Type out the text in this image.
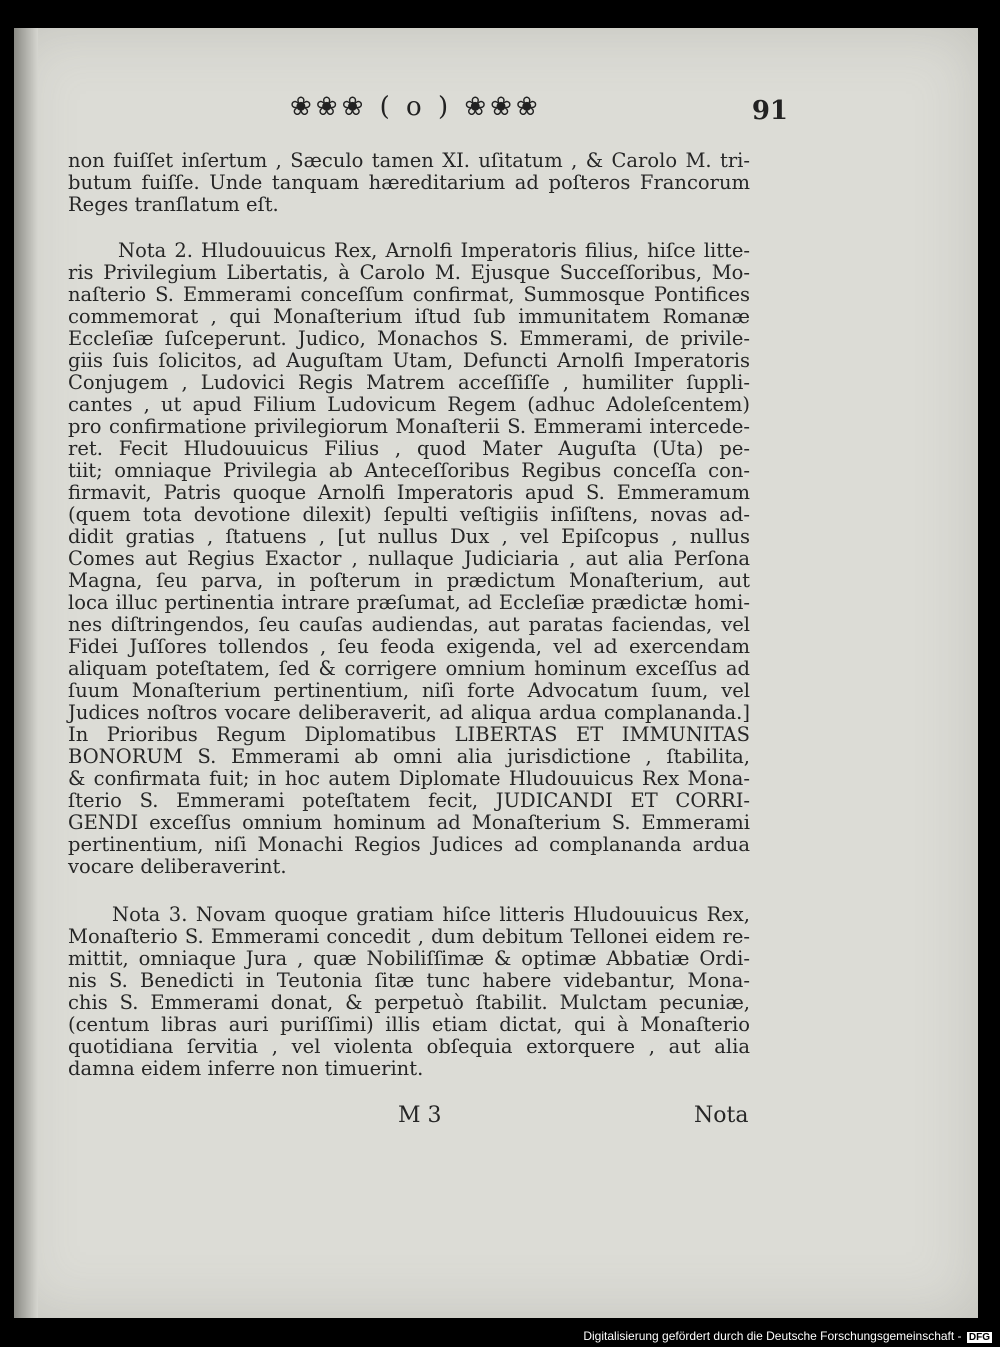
❀❀❀ ( o ) ❀❀❀	91
non fuiſſet inſertum , Sæculo tamen XI. uſitatum , & Carolo M. tri-
butum fuiſſe. Unde tanquam hæreditarium ad poſteros Francorum
Reges tranſlatum eſt.
Nota 2. Hludouuicus Rex, Arnolfi Imperatoris filius, hiſce litte-
ris Privilegium Libertatis, à Carolo M. Ejusque Succeſſoribus, Mo-
naſterio S. Emmerami conceſſum confirmat, Summosque Pontifices
commemorat , qui Monaſterium iſtud ſub immunitatem Romanæ
Eccleſiæ ſuſceperunt. Judico, Monachos S. Emmerami, de privile-
giis ſuis ſolicitos, ad Auguſtam Utam, Defuncti Arnolfi Imperatoris
Conjugem , Ludovici Regis Matrem acceſſiſſe , humiliter ſuppli-
cantes , ut apud Filium Ludovicum Regem (adhuc Adoleſcentem)
pro confirmatione privilegiorum Monaſterii S. Emmerami intercede-
ret. Fecit Hludouuicus Filius , quod Mater Auguſta (Uta) pe-
tiit; omniaque Privilegia ab Anteceſſoribus Regibus conceſſa con-
firmavit, Patris quoque Arnolfi Imperatoris apud S. Emmeramum
(quem tota devotione dilexit) ſepulti veſtigiis inſiſtens, novas ad-
didit gratias , ſtatuens , [ut nullus Dux , vel Epiſcopus , nullus
Comes aut Regius Exactor , nullaque Judiciaria , aut alia Perſona
Magna, ſeu parva, in poſterum in prædictum Monaſterium, aut
loca illuc pertinentia intrare præſumat, ad Eccleſiæ prædictæ homi-
nes diſtringendos, ſeu cauſas audiendas, aut paratas faciendas, vel
Fidei Juſſores tollendos , ſeu feoda exigenda, vel ad exercendam
aliquam poteſtatem, ſed & corrigere omnium hominum exceſſus ad
ſuum Monaſterium pertinentium, niſi forte Advocatum ſuum, vel
Judices noſtros vocare deliberaverit, ad aliqua ardua complananda.]
In Prioribus Regum Diplomatibus LIBERTAS ET IMMUNITAS
BONORUM S. Emmerami ab omni alia jurisdictione , ſtabilita,
& confirmata fuit; in hoc autem Diplomate Hludouuicus Rex Mona-
ſterio S. Emmerami poteſtatem fecit, JUDICANDI ET CORRI-
GENDI exceſſus omnium hominum ad Monaſterium S. Emmerami
pertinentium, niſi Monachi Regios Judices ad complananda ardua
vocare deliberaverint.
Nota 3. Novam quoque gratiam hiſce litteris Hludouuicus Rex,
Monaſterio S. Emmerami concedit , dum debitum Tellonei eidem re-
mittit, omniaque Jura , quæ Nobiliſſimæ & optimæ Abbatiæ Ordi-
nis S. Benedicti in Teutonia ſitæ tunc habere videbantur, Mona-
chis S. Emmerami donat, & perpetuò ſtabilit. Mulctam pecuniæ,
(centum libras auri puriſſimi) illis etiam dictat, qui à Monaſterio
quotidiana ſervitia , vel violenta obſequia extorquere , aut alia
damna eidem inferre non timuerint.
M 3	Nota
Digitalisierung gefördert durch die Deutsche Forschungsgemeinschaft - DFG
